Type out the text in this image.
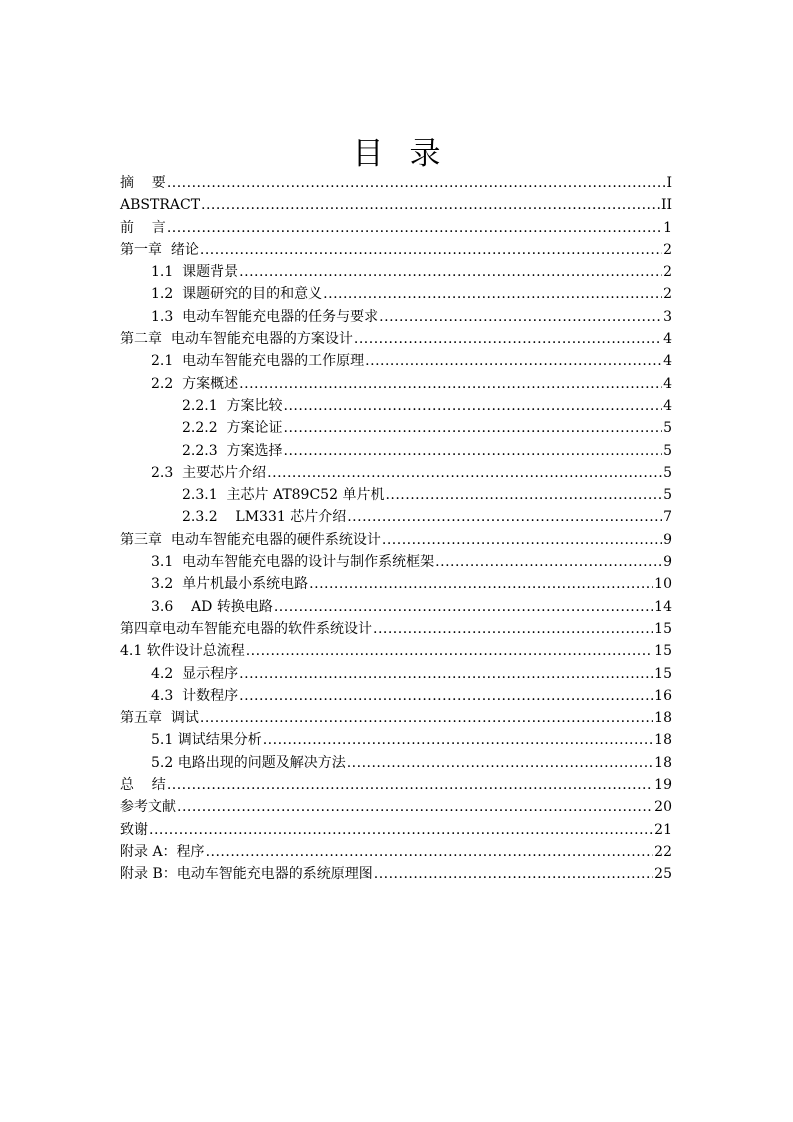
目录
摘    要 .....	I
ABSTRACT .....	II
前    言 .....	1
第一章  绪论 .....	2
1.1  课题背景 .....	2
1.2  课题研究的目的和意义 .....	2
1.3  电动车智能充电器的任务与要求 .....	3
第二章  电动车智能充电器的方案设计 .....	4
2.1  电动车智能充电器的工作原理 .....	4
2.2  方案概述 .....	4
2.2.1  方案比较 .....	4
2.2.2  方案论证 .....	5
2.2.3  方案选择 .....	5
2.3  主要芯片介绍 .....	5
2.3.1  主芯片 AT89C52 单片机 .....	5
2.3.2    LM331 芯片介绍 .....	7
第三章  电动车智能充电器的硬件系统设计 .....	9
3.1  电动车智能充电器的设计与制作系统框架 .....	9
3.2  单片机最小系统电路 .....	10
3.6    AD 转换电路 .....	14
第四章电动车智能充电器的软件系统设计 .....	15
4.1 软件设计总流程 .....	15
4.2  显示程序 .....	15
4.3  计数程序 .....	16
第五章  调试 .....	18
5.1 调试结果分析 .....	18
5.2 电路出现的问题及解决方法 .....	18
总    结 .....	19
参考文献 .....	20
致谢 .....	21
附录 A：程序 .....	22
附录 B：电动车智能充电器的系统原理图 .....	25
